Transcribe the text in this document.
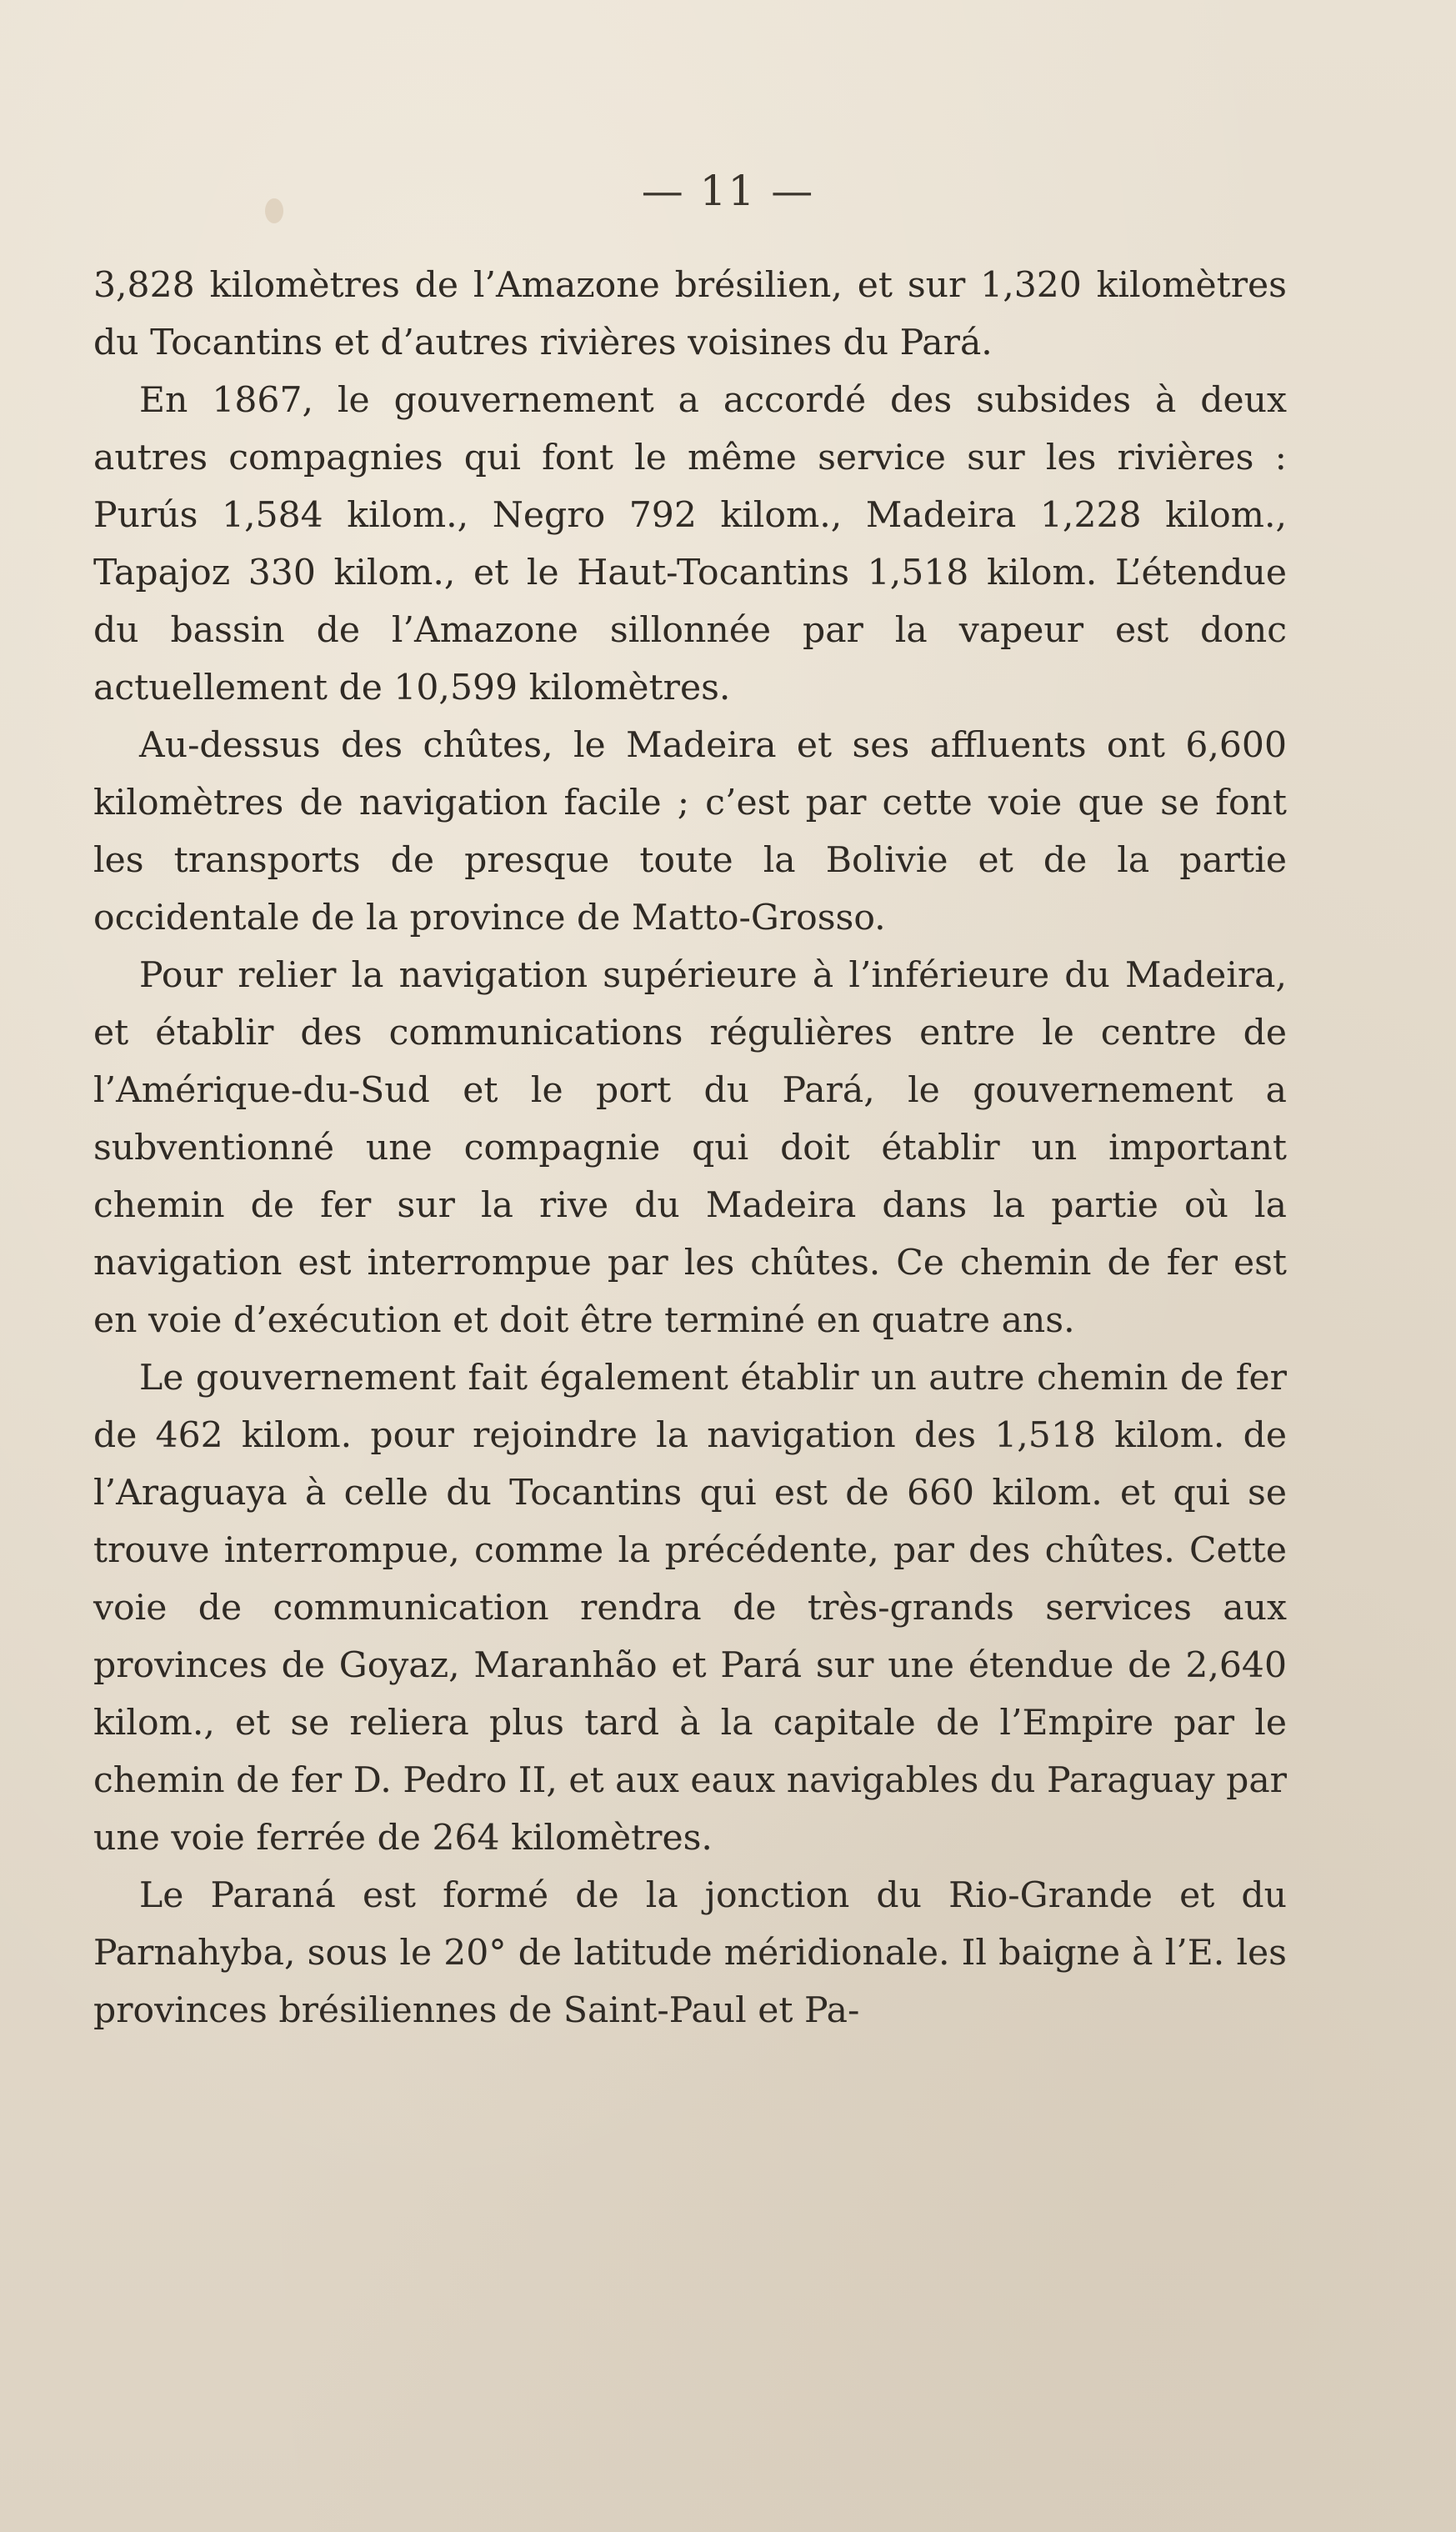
— 11 —

3,828 kilomètres de l’Amazone brésilien, et sur 1,320 kilomètres du Tocantins et d’autres rivières voisines du Pará.

En 1867, le gouvernement a accordé des subsides à deux autres compagnies qui font le même service sur les rivières : Purús 1,584 kilom., Negro 792 kilom., Madeira 1,228 kilom., Tapajoz 330 kilom., et le Haut-Tocantins 1,518 kilom. L’étendue du bassin de l’Amazone sillonnée par la vapeur est donc actuellement de 10,599 kilomètres.

Au-dessus des chûtes, le Madeira et ses affluents ont 6,600 kilomètres de navigation facile ; c’est par cette voie que se font les transports de presque toute la Bolivie et de la partie occidentale de la province de Matto-Grosso.

Pour relier la navigation supérieure à l’inférieure du Madeira, et établir des communications régulières entre le centre de l’Amérique-du-Sud et le port du Pará, le gouvernement a subventionné une compagnie qui doit établir un important chemin de fer sur la rive du Madeira dans la partie où la navigation est interrompue par les chûtes. Ce chemin de fer est en voie d’exécution et doit être terminé en quatre ans.

Le gouvernement fait également établir un autre chemin de fer de 462 kilom. pour rejoindre la navigation des 1,518 kilom. de l’Araguaya à celle du Tocantins qui est de 660 kilom. et qui se trouve interrompue, comme la précédente, par des chûtes. Cette voie de communication rendra de très-grands services aux provinces de Goyaz, Maranhão et Pará sur une étendue de 2,640 kilom., et se reliera plus tard à la capitale de l’Empire par le chemin de fer D. Pedro II, et aux eaux navigables du Paraguay par une voie ferrée de 264 kilomètres.

Le Paraná est formé de la jonction du Rio-Grande et du Parnahyba, sous le 20° de latitude méridionale. Il baigne à l’E. les provinces brésiliennes de Saint-Paul et Pa-
